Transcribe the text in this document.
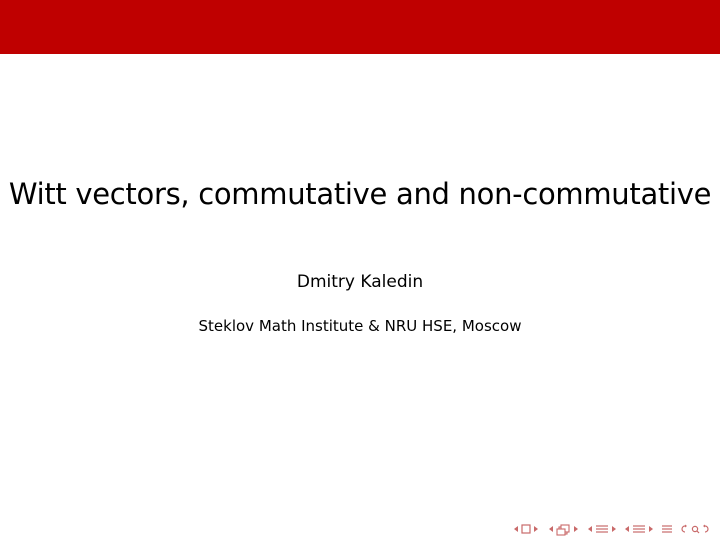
Witt vectors, commutative and non-commutative
Dmitry Kaledin
Steklov Math Institute & NRU HSE, Moscow
